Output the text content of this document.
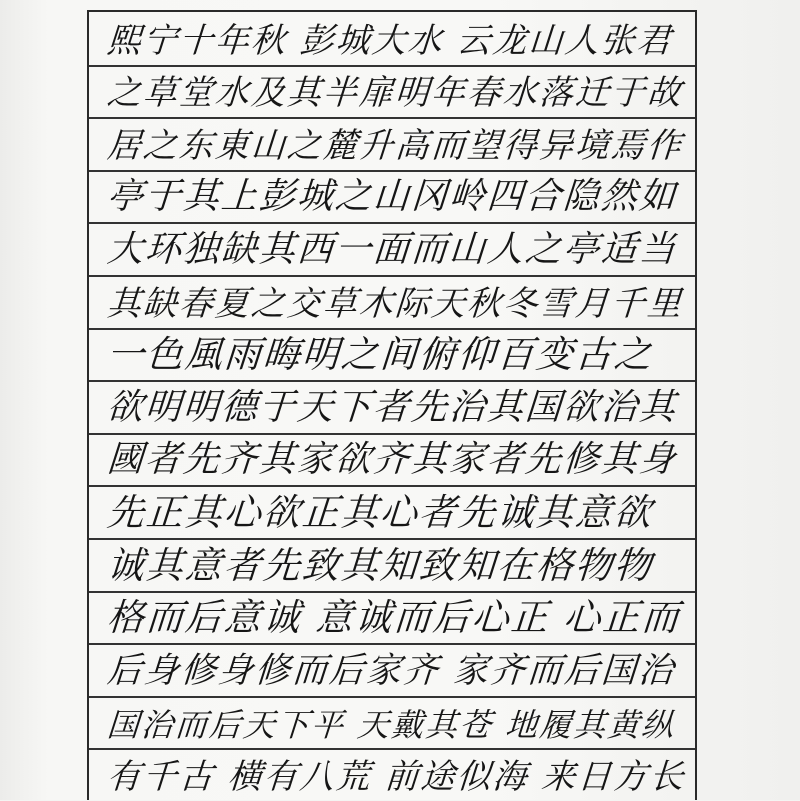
熙宁十年秋 彭城大水 云龙山人张君
之草堂水及其半扉明年春水落迁于故
居之东東山之麓升高而望得异境焉作
亭于其上彭城之山冈岭四合隐然如
大环独缺其西一面而山人之亭适当
其缺春夏之交草木际天秋冬雪月千里
一色風雨晦明之间俯仰百变古之
欲明明德于天下者先治其国欲治其
國者先齐其家欲齐其家者先修其身
先正其心欲正其心者先诚其意欲
诚其意者先致其知致知在格物物
格而后意诚 意诚而后心正 心正而
后身修身修而后家齐 家齐而后国治
国治而后天下平 天戴其苍 地履其黄纵
有千古 横有八荒 前途似海 来日方长
